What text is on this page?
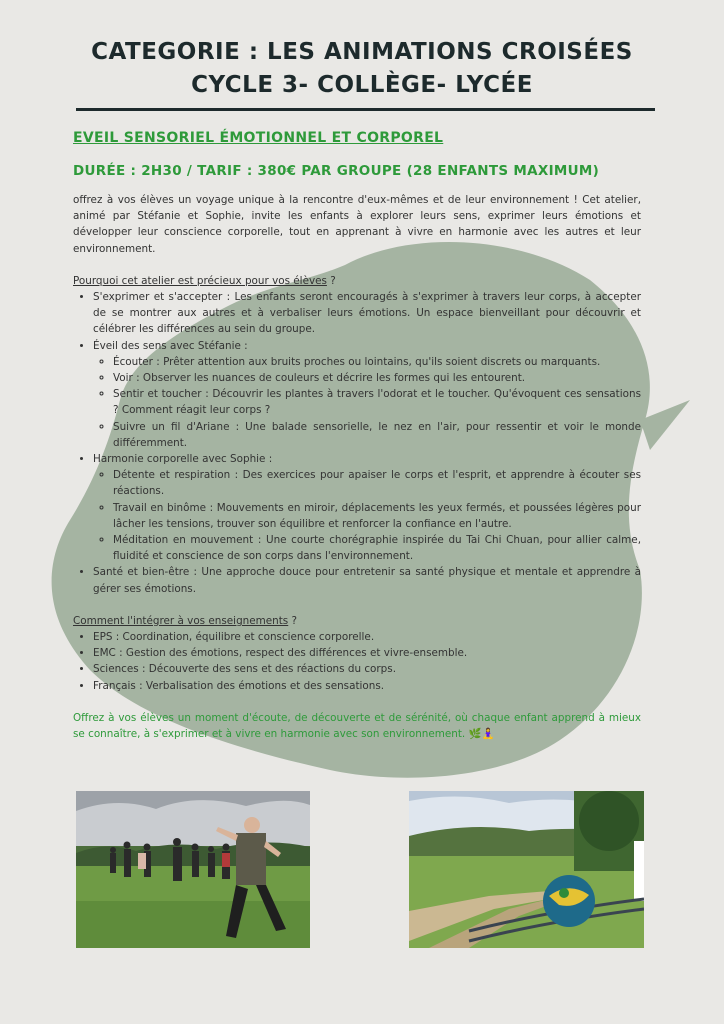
CATEGORIE : LES ANIMATIONS CROISÉES
CYCLE 3- COLLÈGE- LYCÉE
EVEIL SENSORIEL ÉMOTIONNEL ET CORPOREL
DURÉE : 2H30 / TARIF : 380€ PAR GROUPE (28 ENFANTS MAXIMUM)

offrez à vos élèves un voyage unique à la rencontre d'eux-mêmes et de leur environnement ! Cet atelier, animé par Stéfanie et Sophie, invite les enfants à explorer leurs sens, exprimer leurs émotions et développer leur conscience corporelle, tout en apprenant à vivre en harmonie avec les autres et leur environnement.

Pourquoi cet atelier est précieux pour vos élèves ?

• S'exprimer et s'accepter : Les enfants seront encouragés à s'exprimer à travers leur corps, à accepter de se montrer aux autres et à verbaliser leurs émotions. Un espace bienveillant pour découvrir et célébrer les différences au sein du groupe.
• Éveil des sens avec Stéfanie :
◦ Écouter : Prêter attention aux bruits proches ou lointains, qu'ils soient discrets ou marquants.
◦ Voir : Observer les nuances de couleurs et décrire les formes qui les entourent.
◦ Sentir et toucher : Découvrir les plantes à travers l'odorat et le toucher. Qu'évoquent ces sensations ? Comment réagit leur corps ?
◦ Suivre un fil d'Ariane : Une balade sensorielle, le nez en l'air, pour ressentir et voir le monde différemment.
• Harmonie corporelle avec Sophie :
◦ Détente et respiration : Des exercices pour apaiser le corps et l'esprit, et apprendre à écouter ses réactions.
◦ Travail en binôme : Mouvements en miroir, déplacements les yeux fermés, et poussées légères pour lâcher les tensions, trouver son équilibre et renforcer la confiance en l'autre.
◦ Méditation en mouvement : Une courte chorégraphie inspirée du Tai Chi Chuan, pour allier calme, fluidité et conscience de son corps dans l'environnement.
• Santé et bien-être : Une approche douce pour entretenir sa santé physique et mentale et apprendre à gérer ses émotions.

Comment l'intégrer à vos enseignements ?

• EPS : Coordination, équilibre et conscience corporelle.
• EMC : Gestion des émotions, respect des différences et vivre-ensemble.
• Sciences : Découverte des sens et des réactions du corps.
• Français : Verbalisation des émotions et des sensations.

Offrez à vos élèves un moment d'écoute, de découverte et de sérénité, où chaque enfant apprend à mieux se connaître, à s'exprimer et à vivre en harmonie avec son environnement. 🌿🧘‍♀️
